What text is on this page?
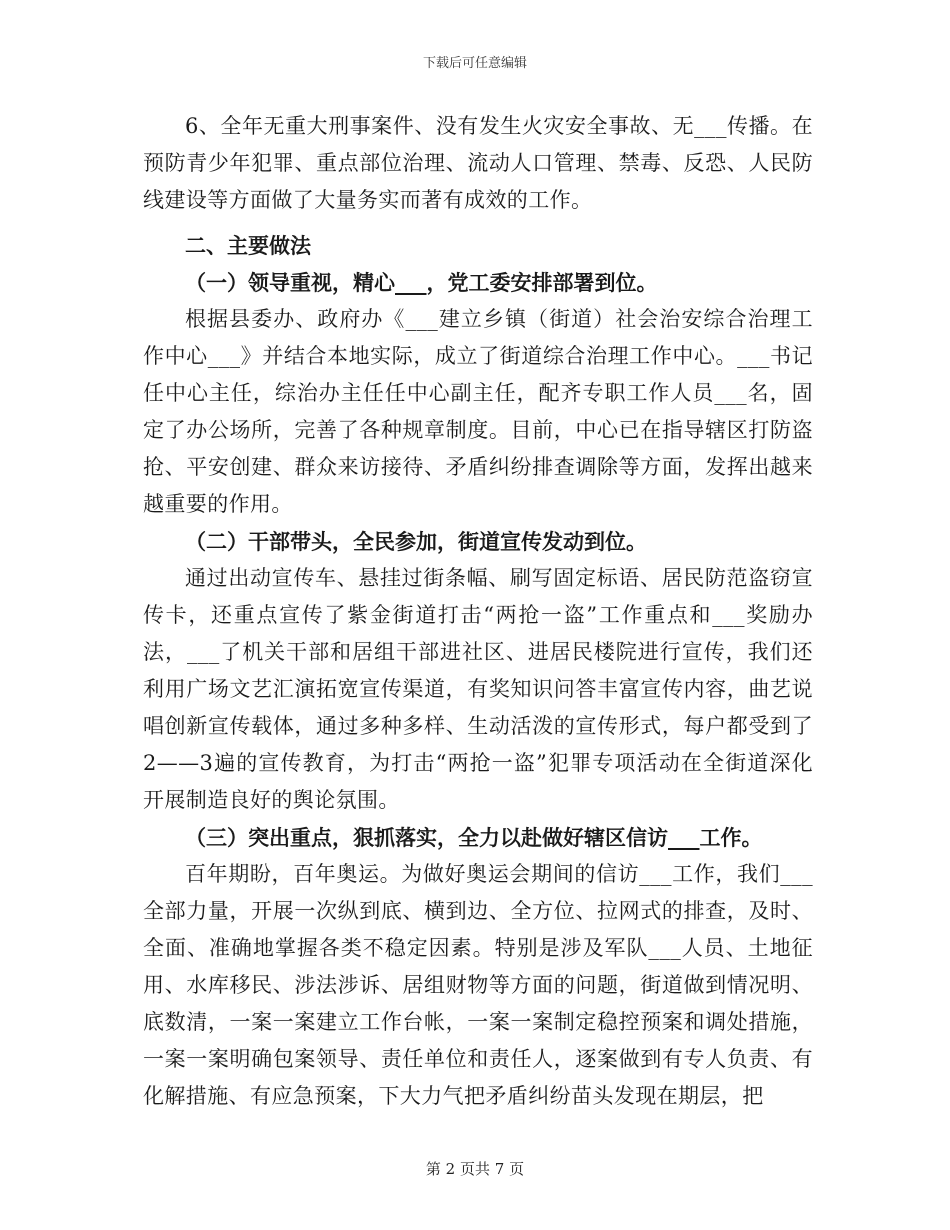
下载后可任意编辑

6、全年无重大刑事案件、没有发生火灾安全事故、无___传播。在预防青少年犯罪、重点部位治理、流动人口管理、禁毒、反恐、人民防线建设等方面做了大量务实而著有成效的工作。

二、主要做法

（一）领导重视，精心___，党工委安排部署到位。

根据县委办、政府办《___建立乡镇（街道）社会治安综合治理工作中心___》并结合本地实际，成立了街道综合治理工作中心。___书记任中心主任，综治办主任任中心副主任，配齐专职工作人员___名，固定了办公场所，完善了各种规章制度。目前，中心已在指导辖区打防盗抢、平安创建、群众来访接待、矛盾纠纷排查调除等方面，发挥出越来越重要的作用。

（二）干部带头，全民参加，街道宣传发动到位。

通过出动宣传车、悬挂过街条幅、刷写固定标语、居民防范盗窃宣传卡，还重点宣传了紫金街道打击“两抢一盗”工作重点和___奖励办法，___了机关干部和居组干部进社区、进居民楼院进行宣传，我们还利用广场文艺汇演拓宽宣传渠道，有奖知识问答丰富宣传内容，曲艺说唱创新宣传载体，通过多种多样、生动活泼的宣传形式，每户都受到了2——3遍的宣传教育，为打击“两抢一盗”犯罪专项活动在全街道深化开展制造良好的舆论氛围。

（三）突出重点，狠抓落实，全力以赴做好辖区信访___工作。

百年期盼，百年奥运。为做好奥运会期间的信访___工作，我们___全部力量，开展一次纵到底、横到边、全方位、拉网式的排查，及时、全面、准确地掌握各类不稳定因素。特别是涉及军队___人员、土地征用、水库移民、涉法涉诉、居组财物等方面的问题，街道做到情况明、底数清，一案一案建立工作台帐，一案一案制定稳控预案和调处措施，一案一案明确包案领导、责任单位和责任人，逐案做到有专人负责、有化解措施、有应急预案，下大力气把矛盾纠纷苗头发现在期层，把

第 2 页共 7 页
